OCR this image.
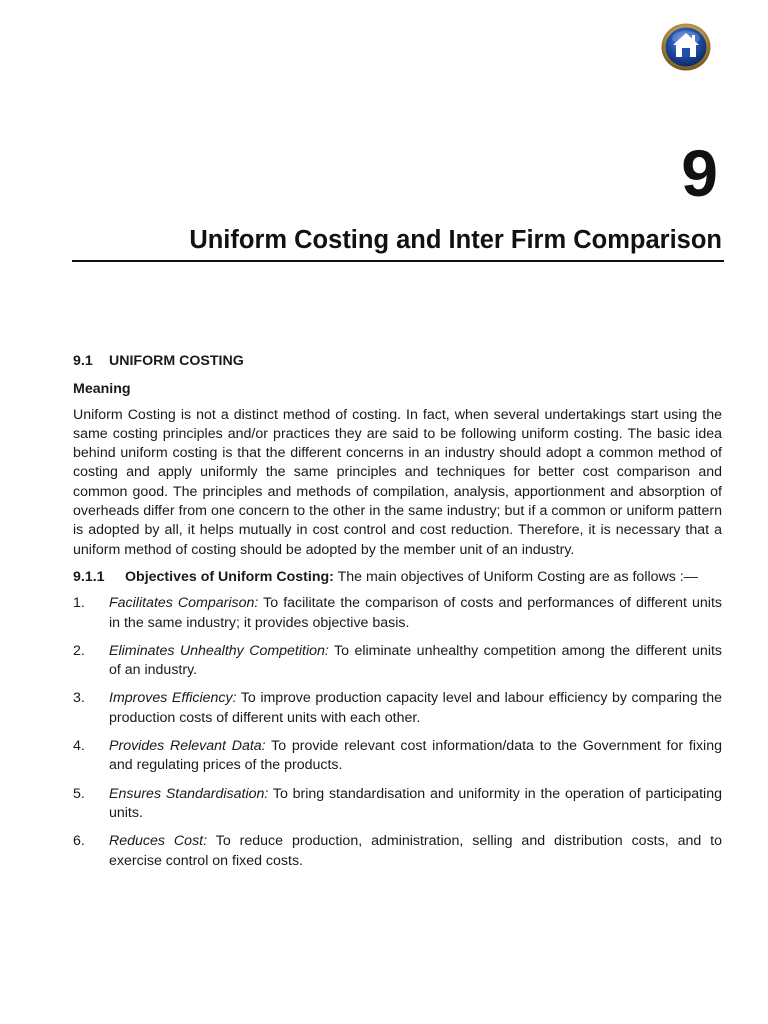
9
Uniform Costing and Inter Firm Comparison
9.1 UNIFORM COSTING
Meaning

Uniform Costing is not a distinct method of costing. In fact, when several undertakings start using the same costing principles and/or practices they are said to be following uniform costing. The basic idea behind uniform costing is that the different concerns in an industry should adopt a common method of costing and apply uniformly the same principles and techniques for better cost comparison and common good. The principles and methods of compilation, analysis, apportionment and absorption of overheads differ from one concern to the other in the same industry; but if a common or uniform pattern is adopted by all, it helps mutually in cost control and cost reduction. Therefore, it is necessary that a uniform method of costing should be adopted by the member unit of an industry.

9.1.1 Objectives of Uniform Costing: The main objectives of Uniform Costing are as follows :—

1.	Facilitates Comparison: To facilitate the comparison of costs and performances of different units in the same industry; it provides objective basis.
2.	Eliminates Unhealthy Competition: To eliminate unhealthy competition among the different units of an industry.
3.	Improves Efficiency: To improve production capacity level and labour efficiency by comparing the production costs of different units with each other.
4.	Provides Relevant Data: To provide relevant cost information/data to the Government for fixing and regulating prices of the products.
5.	Ensures Standardisation: To bring standardisation and uniformity in the operation of participating units.
6.	Reduces Cost: To reduce production, administration, selling and distribution costs, and to exercise control on fixed costs.
